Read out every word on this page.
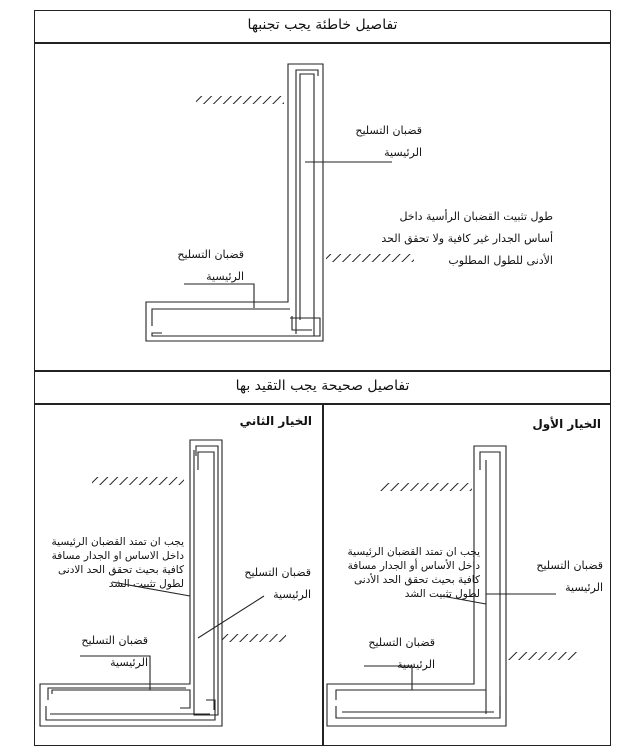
تفاصيل خاطئة يجب تجنبها
تفاصيل صحيحة يجب التقيد بها
الخيار الثاني	الخيار الأول
قضبان التسليح
الرئيسية
قضبان التسليح
الرئيسية
طول تثبيت القضبان الرأسية داخل
أساس الجدار غير كافية ولا تحقق الحد
الأدنى للطول المطلوب
يجب ان تمتد القضبان الرئيسية
داخل الاساس او الجدار مسافة
كافية بحيث تحقق الحد الادنى
لطول تثبيت الشد
قضبان التسليح
الرئيسية
قضبان التسليح
الرئيسية
يجب ان تمتد القضبان الرئيسية
داخل الأساس أو الجدار مسافة
كافية بحيث تحقق الحد الأدنى
لطول تثبيت الشد
قضبان التسليح
الرئيسية
قضبان التسليح
الرئيسية
